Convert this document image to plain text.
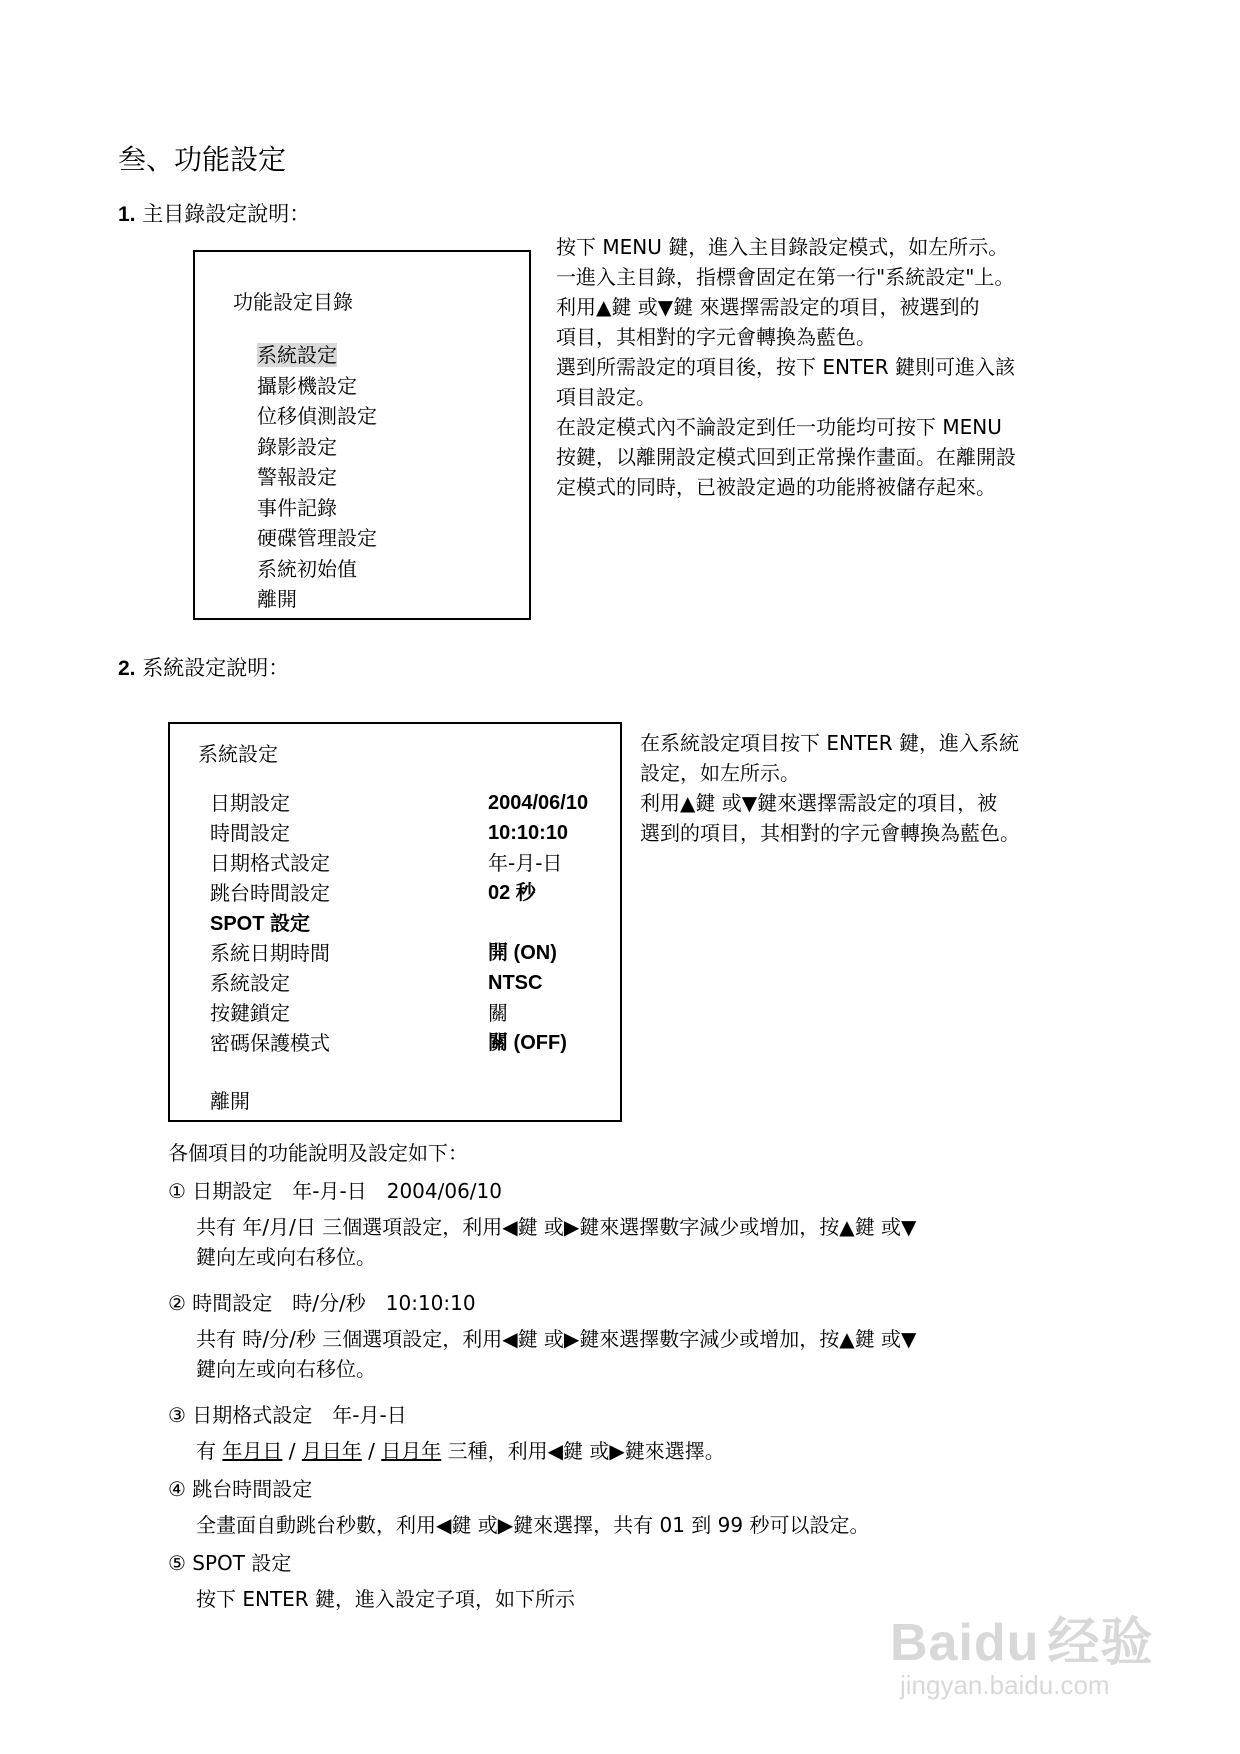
叁、功能設定
1. 主目錄設定說明：
功能設定目錄
系統設定
攝影機設定
位移偵測設定
錄影設定
警報設定
事件記錄
硬碟管理設定
系統初始值
離開
按下 MENU 鍵，進入主目錄設定模式，如左所示。
一進入主目錄，指標會固定在第一行"系統設定"上。
利用▲鍵 或▼鍵 來選擇需設定的項目，被選到的
項目，其相對的字元會轉換為藍色。
選到所需設定的項目後，按下 ENTER 鍵則可進入該
項目設定。
在設定模式內不論設定到任一功能均可按下 MENU
按鍵，以離開設定模式回到正常操作畫面。在離開設
定模式的同時，已被設定過的功能將被儲存起來。
2. 系統設定說明：
系統設定
日期設定	2004/06/10
時間設定	10:10:10
日期格式設定	年-月-日
跳台時間設定	02 秒
SPOT 設定
系統日期時間	開 (ON)
系統設定	NTSC
按鍵鎖定	關
密碼保護模式	關 (OFF)
離開
在系統設定項目按下 ENTER 鍵，進入系統
設定，如左所示。
利用▲鍵 或▼鍵來選擇需設定的項目，被
選到的項目，其相對的字元會轉換為藍色。
各個項目的功能說明及設定如下：
① 日期設定　年-月-日　2004/06/10
共有 年/月/日 三個選項設定，利用◀鍵 或▶鍵來選擇數字減少或增加，按▲鍵 或▼
鍵向左或向右移位。
② 時間設定　時/分/秒　10:10:10
共有 時/分/秒 三個選項設定，利用◀鍵 或▶鍵來選擇數字減少或增加，按▲鍵 或▼
鍵向左或向右移位。
③ 日期格式設定　年-月-日
有 年月日 / 月日年 / 日月年 三種，利用◀鍵 或▶鍵來選擇。
④ 跳台時間設定
全畫面自動跳台秒數，利用◀鍵 或▶鍵來選擇，共有 01 到 99 秒可以設定。
⑤ SPOT 設定
按下 ENTER 鍵，進入設定子項，如下所示
Baidu 经验
jingyan.baidu.com
